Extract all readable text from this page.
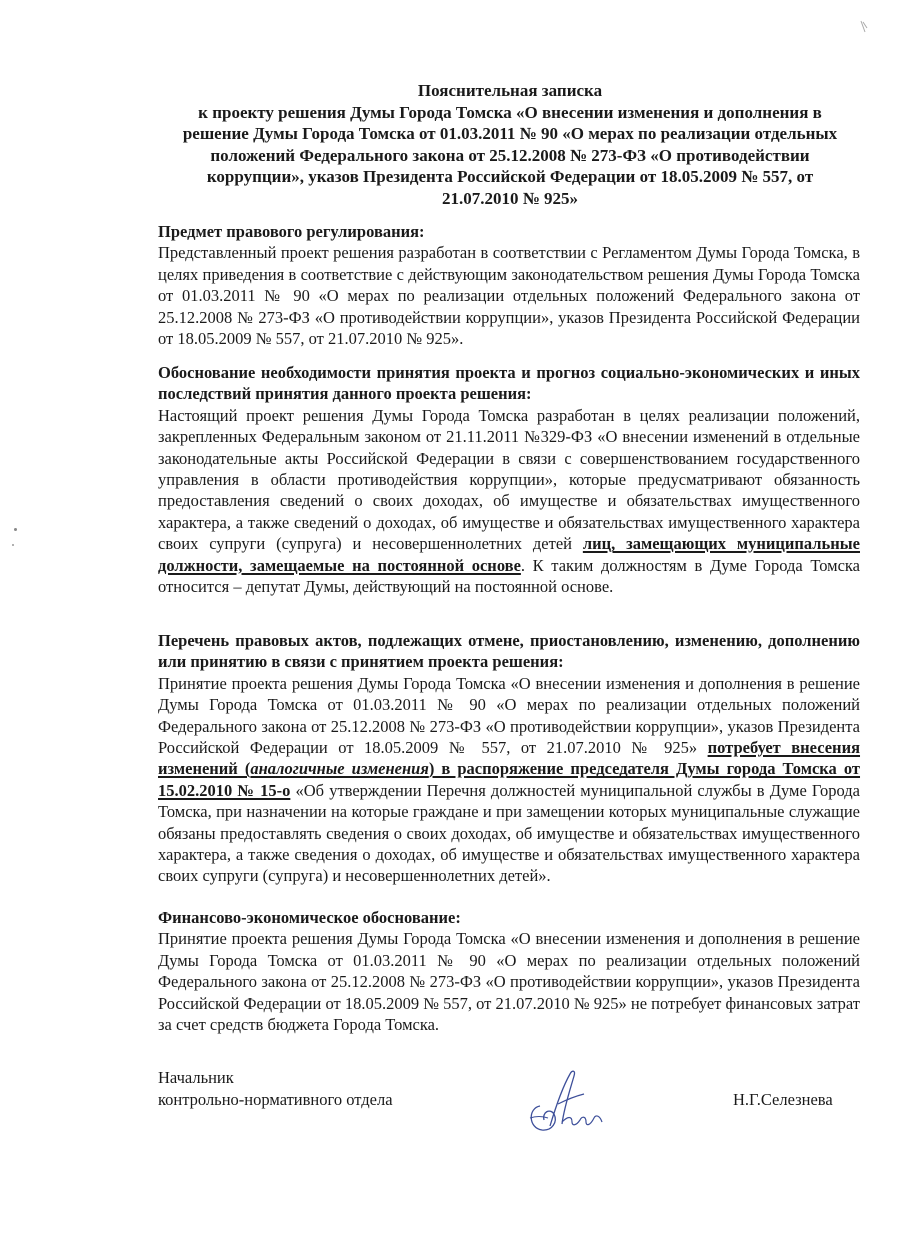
Пояснительная записка
к проекту решения Думы Города Томска «О внесении изменения и дополнения в
решение Думы Города Томска от 01.03.2011 № 90 «О мерах по реализации отдельных
положений Федерального закона от 25.12.2008 № 273-ФЗ «О противодействии
коррупции», указов Президента Российской Федерации от 18.05.2009 № 557, от
21.07.2010 № 925»
Предмет правового регулирования:
Представленный проект решения разработан в соответствии с Регламентом Думы Города Томска, в целях приведения в соответствие с действующим законодательством решения Думы Города Томска от 01.03.2011 № 90 «О мерах по реализации отдельных положений Федерального закона от 25.12.2008 № 273-ФЗ «О противодействии коррупции», указов Президента Российской Федерации от 18.05.2009 № 557, от 21.07.2010 № 925».
Обоснование необходимости принятия проекта и прогноз социально-экономических и иных последствий принятия данного проекта решения:
Настоящий проект решения Думы Города Томска разработан в целях реализации положений, закрепленных Федеральным законом от 21.11.2011 №329-ФЗ «О внесении изменений в отдельные законодательные акты Российской Федерации в связи с совершенствованием государственного управления в области противодействия коррупции», которые предусматривают обязанность предоставления сведений о своих доходах, об имуществе и обязательствах имущественного характера, а также сведений о доходах, об имуществе и обязательствах имущественного характера своих супруги (супруга) и несовершеннолетних детей лиц, замещающих муниципальные должности, замещаемые на постоянной основе. К таким должностям в Думе Города Томска относится – депутат Думы, действующий на постоянной основе.
Перечень правовых актов, подлежащих отмене, приостановлению, изменению, дополнению или принятию в связи с принятием проекта решения:
Принятие проекта решения Думы Города Томска «О внесении изменения и дополнения в решение Думы Города Томска от 01.03.2011 № 90 «О мерах по реализации отдельных положений Федерального закона от 25.12.2008 № 273-ФЗ «О противодействии коррупции», указов Президента Российской Федерации от 18.05.2009 № 557, от 21.07.2010 № 925» потребует внесения изменений (аналогичные изменения) в распоряжение председателя Думы города Томска от 15.02.2010 № 15-о «Об утверждении Перечня должностей муниципальной службы в Думе Города Томска, при назначении на которые граждане и при замещении которых муниципальные служащие обязаны предоставлять сведения о своих доходах, об имуществе и обязательствах имущественного характера, а также сведения о доходах, об имуществе и обязательствах имущественного характера своих супруги (супруга) и несовершеннолетних детей».
Финансово-экономическое обоснование:
Принятие проекта решения Думы Города Томска «О внесении изменения и дополнения в решение Думы Города Томска от 01.03.2011 № 90 «О мерах по реализации отдельных положений Федерального закона от 25.12.2008 № 273-ФЗ «О противодействии коррупции», указов Президента Российской Федерации от 18.05.2009 № 557, от 21.07.2010 № 925» не потребует финансовых затрат за счет средств бюджета Города Томска.
Начальник
контрольно-нормативного отдела	Н.Г.Селезнева
